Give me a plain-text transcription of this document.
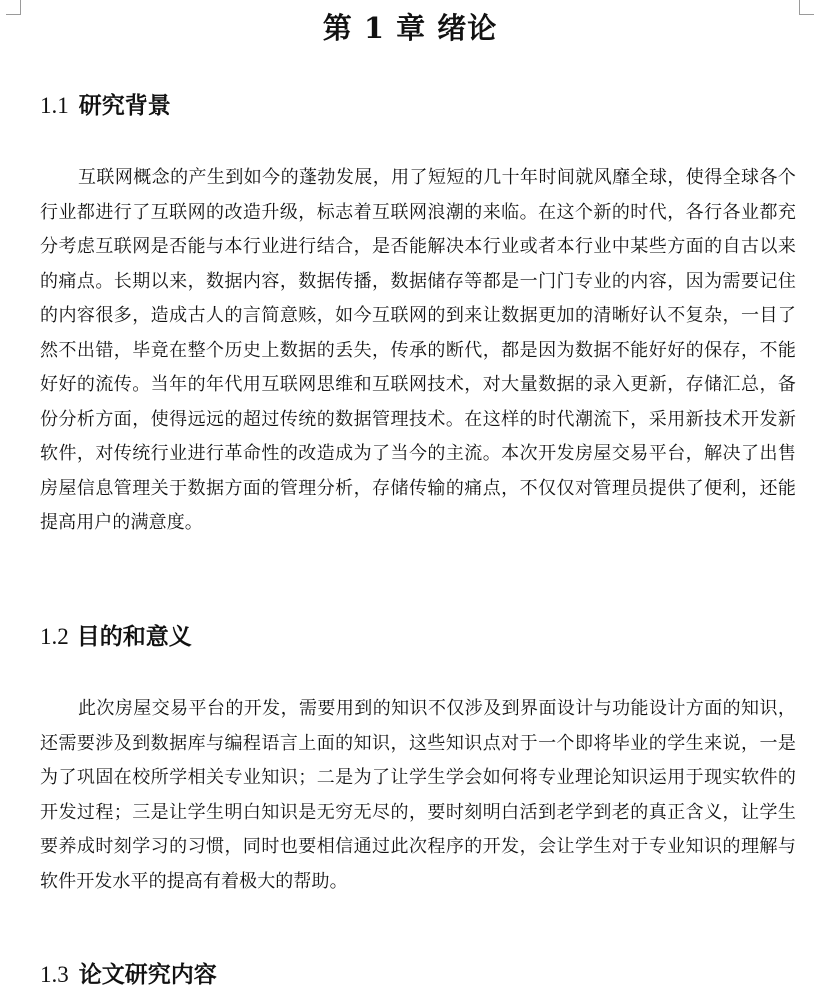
第 1 章 绪论
1.1 研究背景

互联网概念的产生到如今的蓬勃发展，用了短短的几十年时间就风靡全球，使得全球各个行业都进行了互联网的改造升级，标志着互联网浪潮的来临。在这个新的时代，各行各业都充分考虑互联网是否能与本行业进行结合，是否能解决本行业或者本行业中某些方面的自古以来的痛点。长期以来，数据内容，数据传播，数据储存等都是一门门专业的内容，因为需要记住的内容很多，造成古人的言简意赅，如今互联网的到来让数据更加的清晰好认不复杂，一目了然不出错，毕竟在整个历史上数据的丢失，传承的断代，都是因为数据不能好好的保存，不能好好的流传。当年的年代用互联网思维和互联网技术，对大量数据的录入更新，存储汇总，备份分析方面，使得远远的超过传统的数据管理技术。在这样的时代潮流下，采用新技术开发新软件，对传统行业进行革命性的改造成为了当今的主流。本次开发房屋交易平台，解决了出售房屋信息管理关于数据方面的管理分析，存储传输的痛点，不仅仅对管理员提供了便利，还能提高用户的满意度。

1.2 目的和意义

此次房屋交易平台的开发，需要用到的知识不仅涉及到界面设计与功能设计方面的知识，还需要涉及到数据库与编程语言上面的知识，这些知识点对于一个即将毕业的学生来说，一是为了巩固在校所学相关专业知识；二是为了让学生学会如何将专业理论知识运用于现实软件的开发过程；三是让学生明白知识是无穷无尽的，要时刻明白活到老学到老的真正含义，让学生要养成时刻学习的习惯，同时也要相信通过此次程序的开发，会让学生对于专业知识的理解与软件开发水平的提高有着极大的帮助。

1.3 论文研究内容
